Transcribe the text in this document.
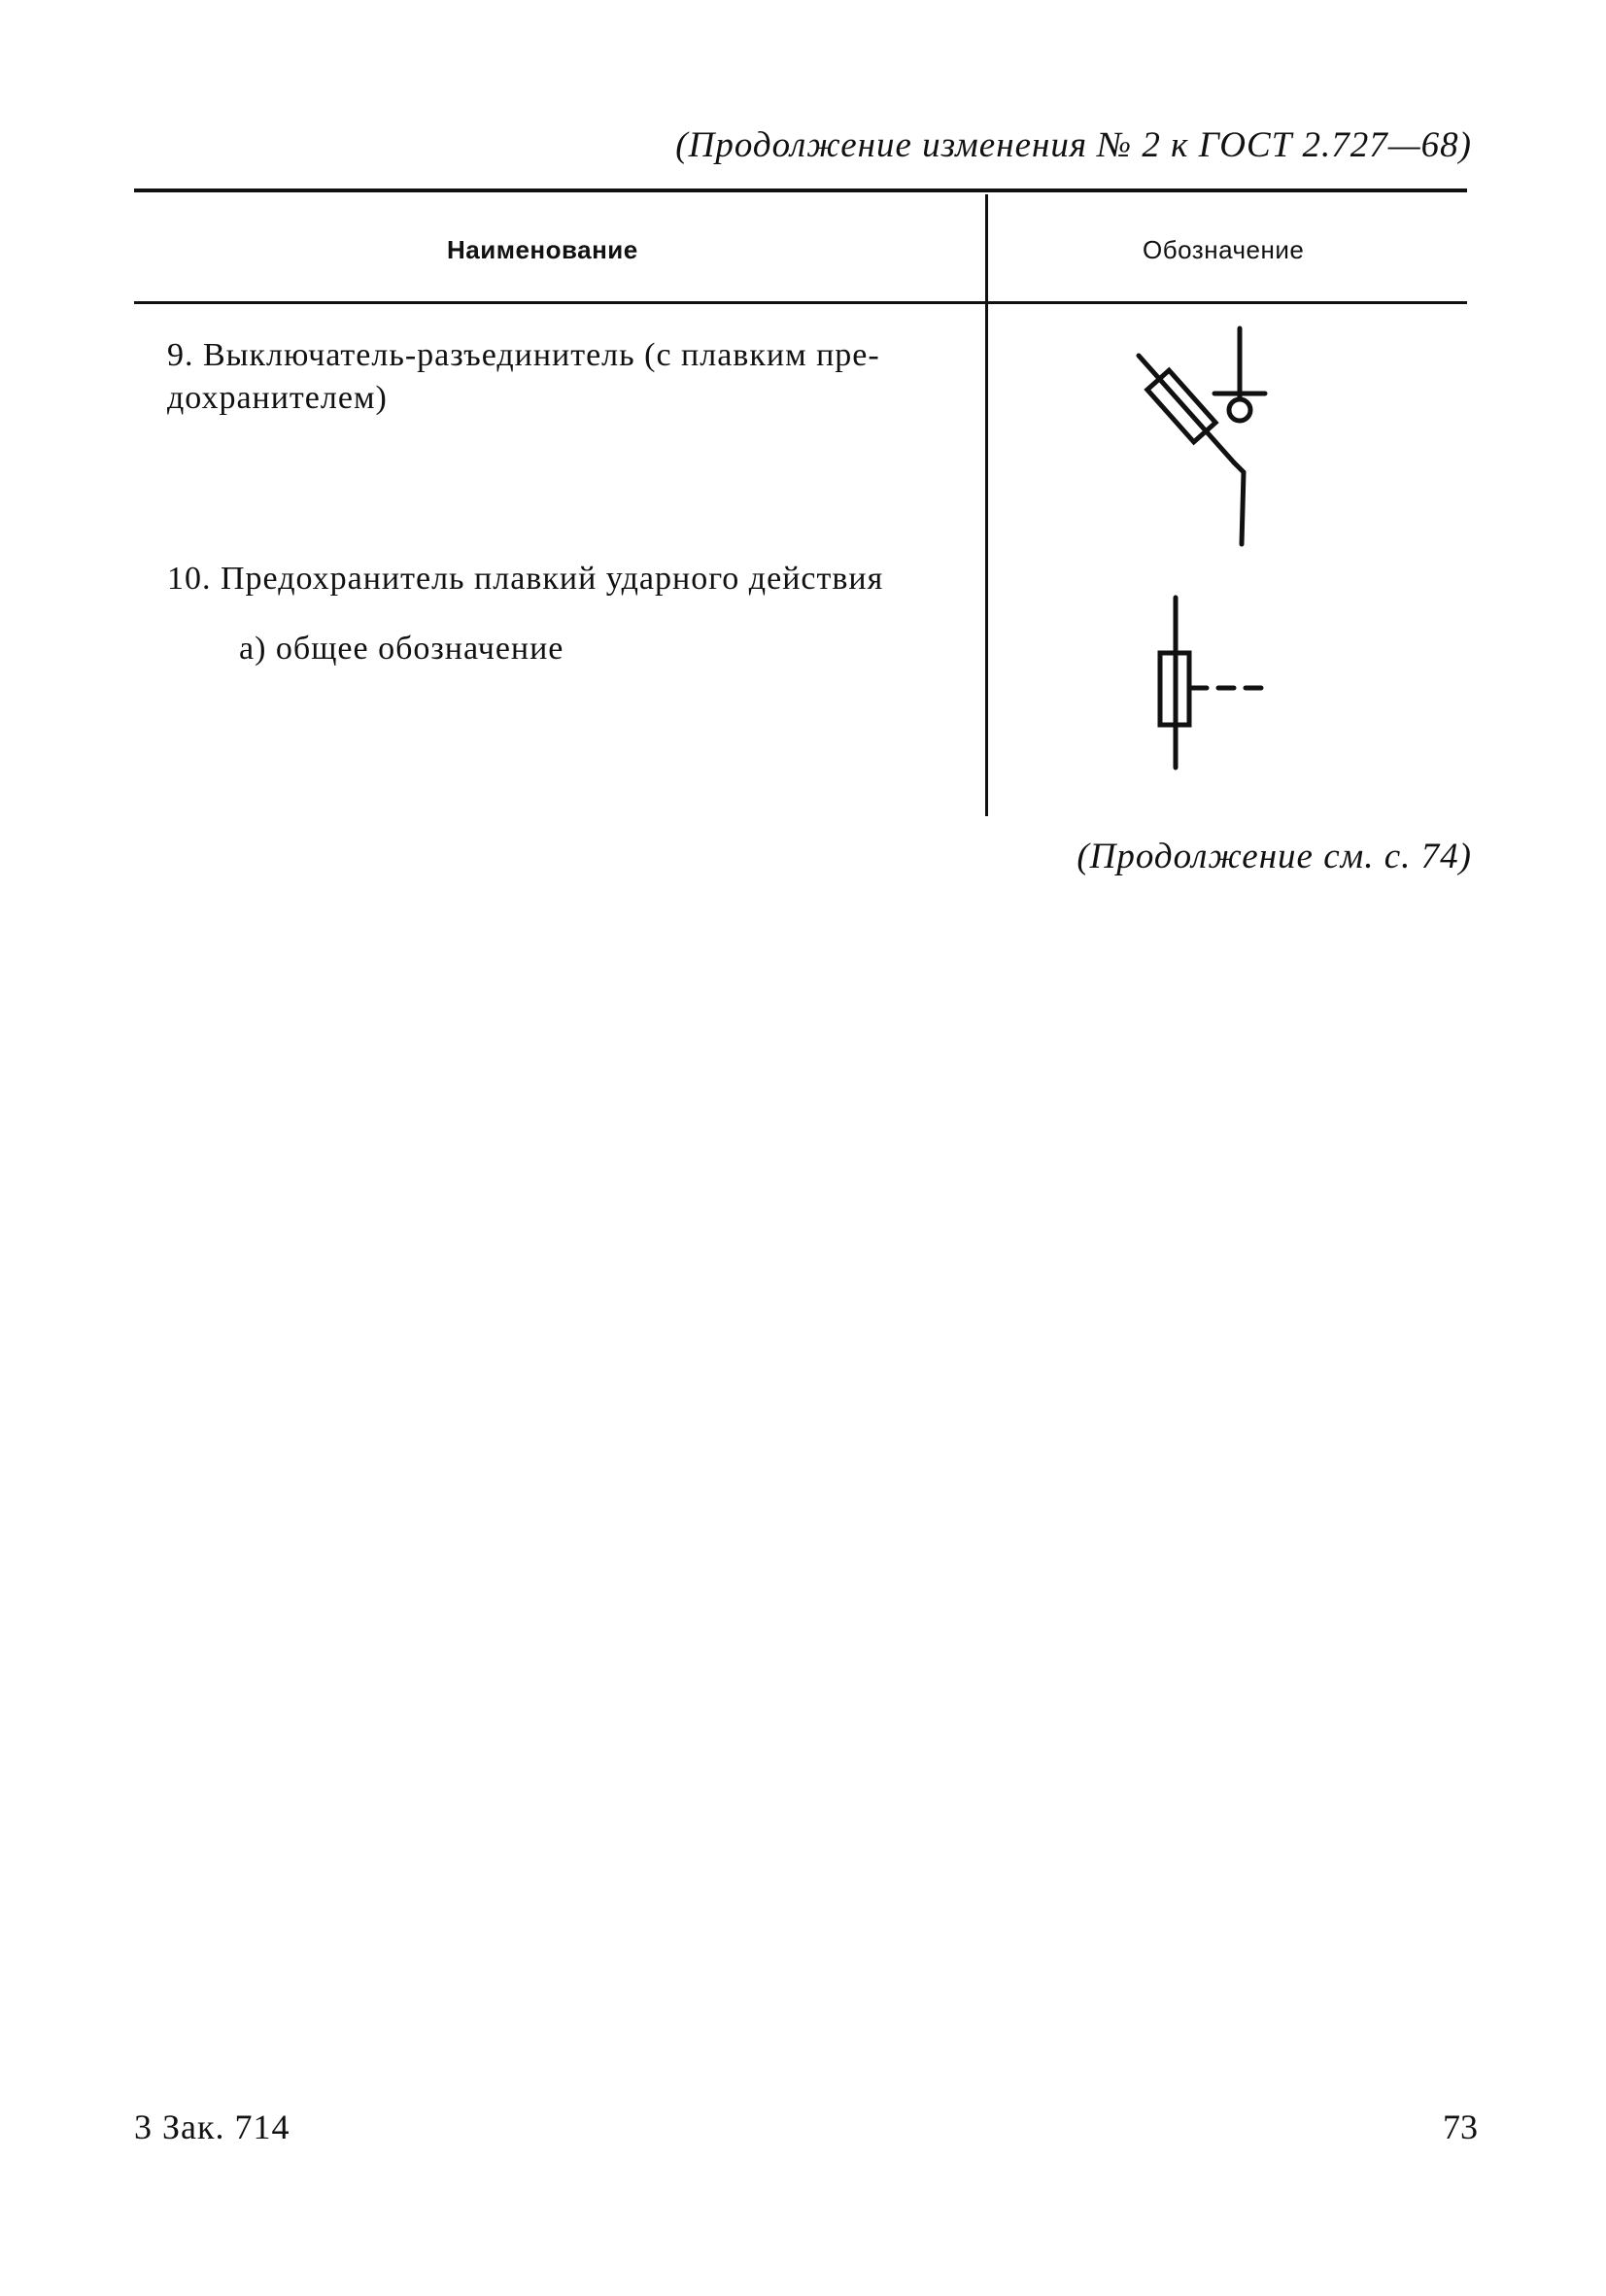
(Продолжение изменения № 2 к ГОСТ 2.727—68)
Наименование	Обозначение
9. Выключатель-разъединитель (с плавким пре-
дохранителем)
10. Предохранитель плавкий ударного действия
а) общее обозначение
(Продолжение см. с. 74)
3 Зак. 714	73
